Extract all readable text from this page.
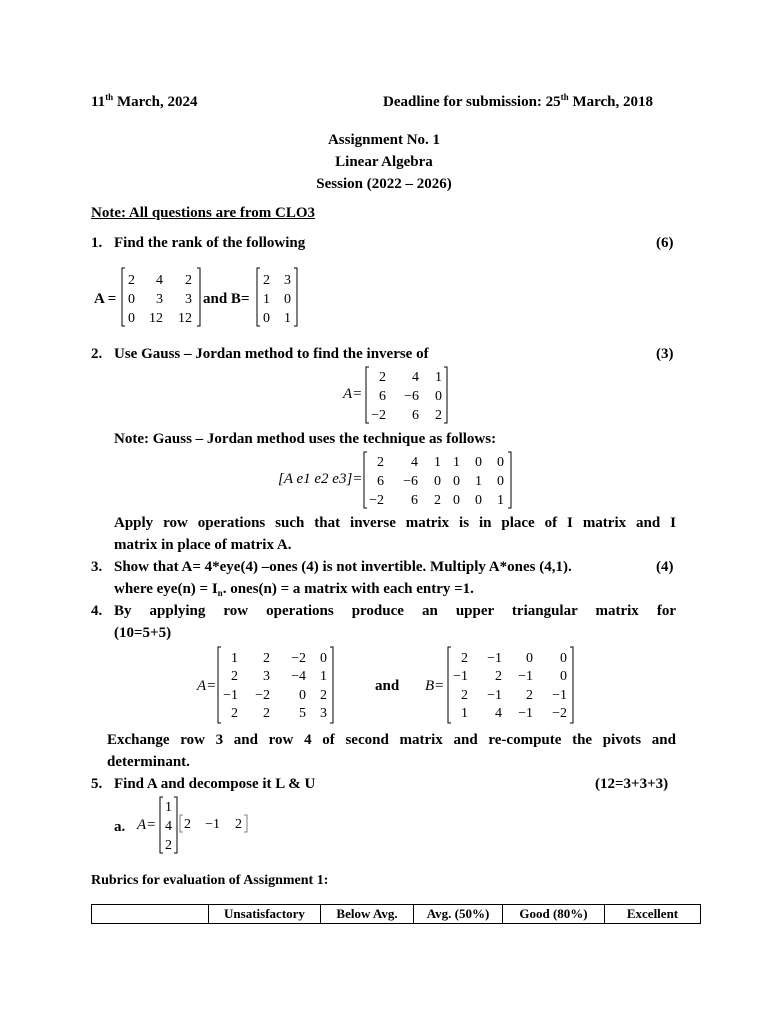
11th March, 2024	Deadline for submission: 25th March, 2018
Assignment No. 1
Linear Algebra
Session (2022 – 2026)
Note: All questions are from CLO3
1. Find the rank of the following	(6)
A =
2 4 2
0 3 3
0 12 12
and B=
2 3
1 0
0 1
2. Use Gauss – Jordan method to find the inverse of	(3)
A=
2 4 1
6 −6 0
−2 6 2
Note: Gauss – Jordan method uses the technique as follows:
[A e1 e2 e3]=
2 4 1 1 0 0
6 −6 0 0 1 0
−2 6 2 0 0 1
Apply row operations such that inverse matrix is in place of I matrix and I
matrix in place of matrix A.
3. Show that A= 4*eye(4) –ones (4) is not invertible. Multiply A*ones (4,1).	(4)
where $eye(n) = I_n$. ones(n) = a matrix with each entry =1.
4. By applying row operations produce an upper triangular matrix for
(10=5+5)
A=
1 2 −2 0
2 3 −4 1
−1 −2 0 2
2 2 5 3
and
2 −1 0 0
−1 2 −1 0
2 −1 2 −1
1 4 −1 −2
B=
Exchange row 3 and row 4 of second matrix and re-compute the pivots and
determinant.
5. Find A and decompose it L & U	(12=3+3+3)
a. A=
1
4
2
2 −1 2
Rubrics for evaluation of Assignment 1:
	Unsatisfactory	Below Avg.	Avg. (50%)	Good (80%)	Excellent
